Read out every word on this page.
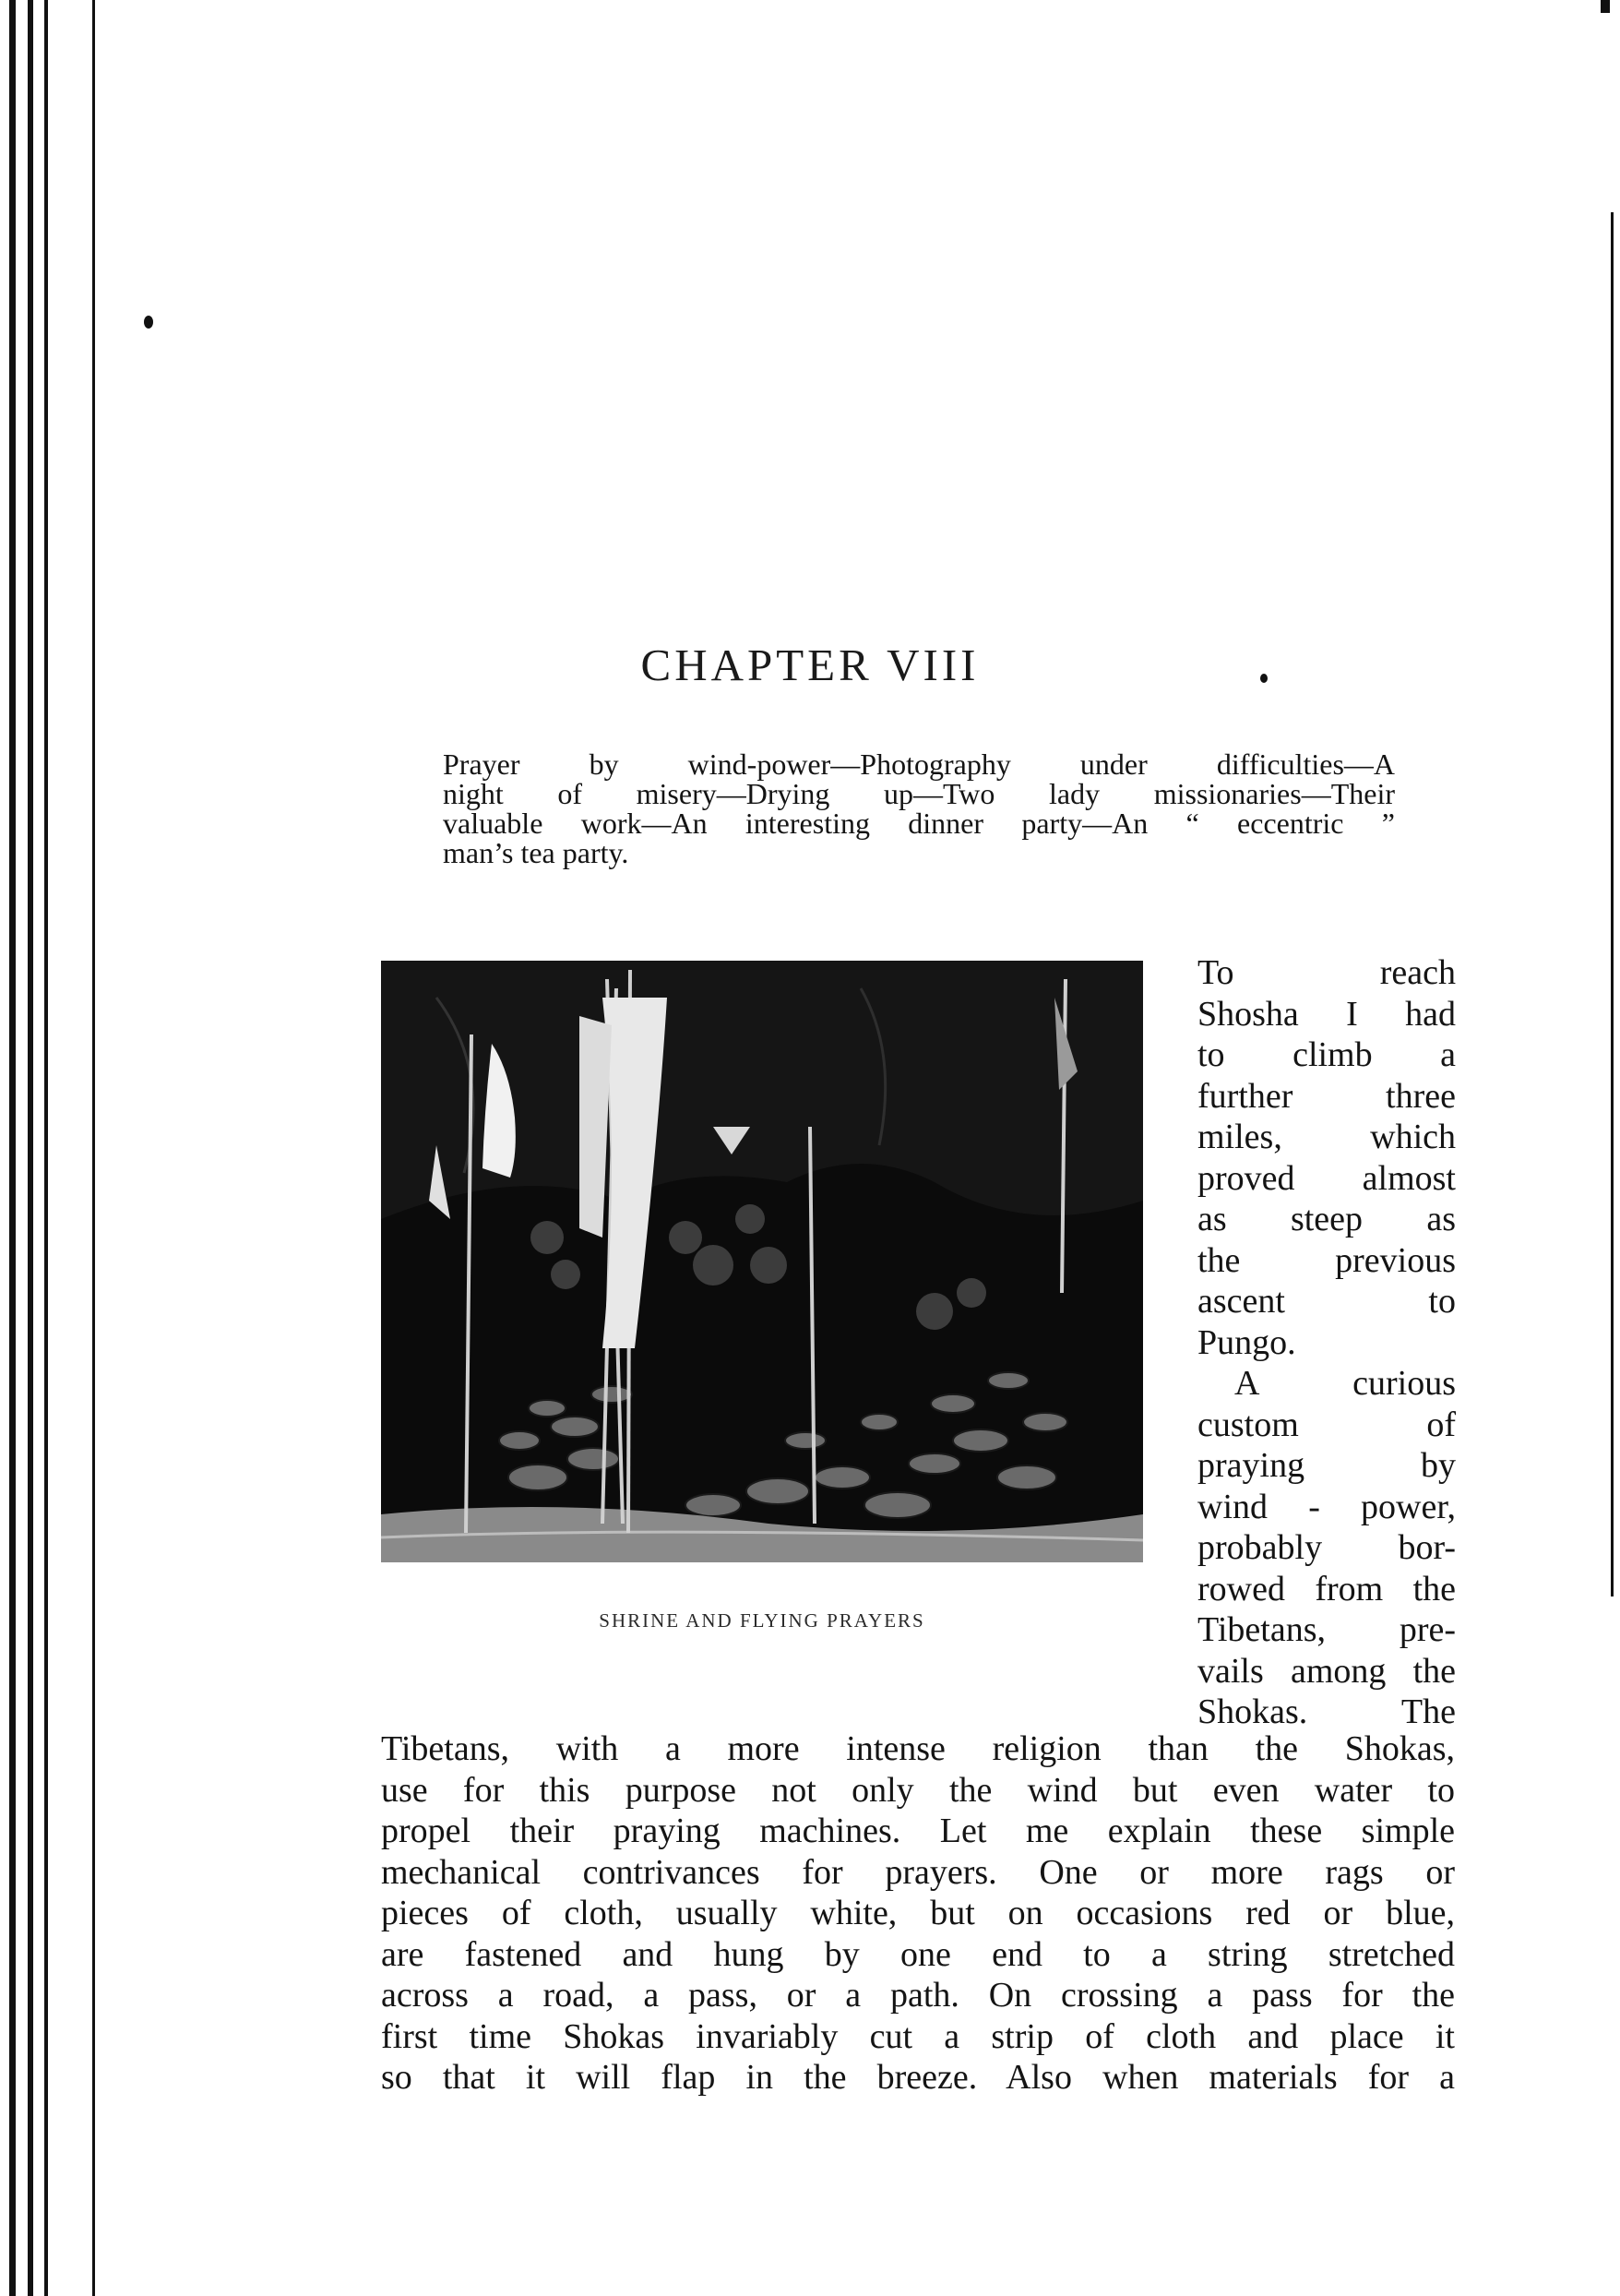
CHAPTER VIII
Prayer by wind-power—Photography under difficulties—A
night of misery—Drying up—Two lady missionaries—Their
valuable work—An interesting dinner party—An “ eccentric ”
man’s tea party.
SHRINE AND FLYING PRAYERS
To reach
Shosha I had
to climb a
further three
miles, which
proved almost
as steep as
the previous
ascent to
Pungo.
A curious
custom of
praying by
wind - power,
probably bor-
rowed from the
Tibetans, pre-
vails among the
Shokas. The
Tibetans, with a more intense religion than the Shokas,
use for this purpose not only the wind but even water to
propel their praying machines. Let me explain these simple
mechanical contrivances for prayers. One or more rags or
pieces of cloth, usually white, but on occasions red or blue,
are fastened and hung by one end to a string stretched
across a road, a pass, or a path. On crossing a pass for the
first time Shokas invariably cut a strip of cloth and place it
so that it will flap in the breeze. Also when materials for a
